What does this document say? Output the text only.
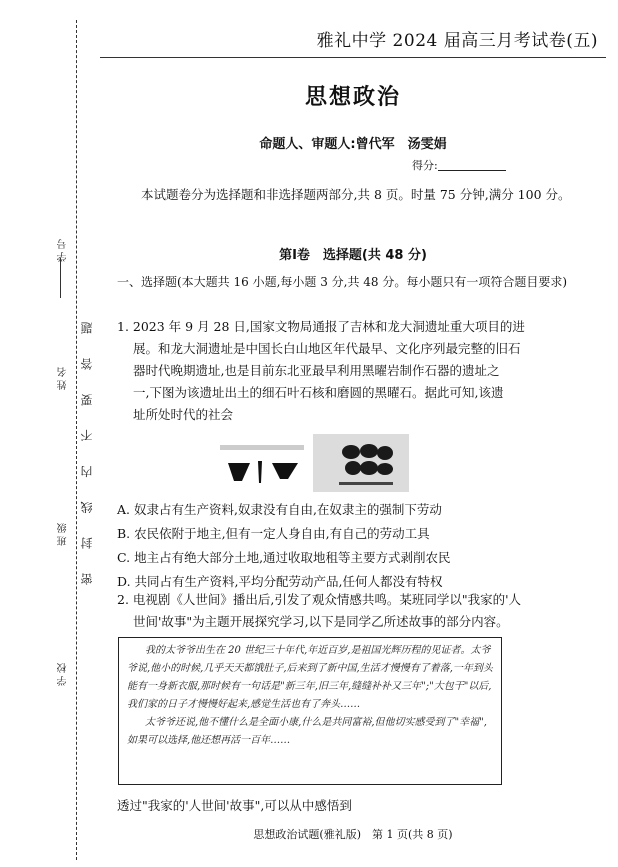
学号
姓名
班级
学校
密 封 线 内 不 要 答 题
雅礼中学 2024 届高三月考试卷(五)
思想政治
命题人、审题人:曾代军　汤雯娟
得分:
本试题卷分为选择题和非选择题两部分,共 8 页。时量 75 分钟,满分 100 分。
第Ⅰ卷　选择题(共 48 分)
一、选择题(本大题共 16 小题,每小题 3 分,共 48 分。每小题只有一项符合题目要求)
1. 2023 年 9 月 28 日,国家文物局通报了吉林和龙大洞遗址重大项目的进
展。和龙大洞遗址是中国长白山地区年代最早、文化序列最完整的旧石
器时代晚期遗址,也是目前东北亚最早利用黑曜岩制作石器的遗址之
一,下图为该遗址出土的细石叶石核和磨圆的黑曜石。据此可知,该遗
址所处时代的社会
A. 奴隶占有生产资料,奴隶没有自由,在奴隶主的强制下劳动
B. 农民依附于地主,但有一定人身自由,有自己的劳动工具
C. 地主占有绝大部分土地,通过收取地租等主要方式剥削农民
D. 共同占有生产资料,平均分配劳动产品,任何人都没有特权
2. 电视剧《人世间》播出后,引发了观众情感共鸣。某班同学以"我家的'人
世间'故事"为主题开展探究学习,以下是同学乙所述故事的部分内容。

我的太爷爷出生在 20 世纪三十年代,年近百岁,是祖国光辉历程的见证者。太爷爷说,他小的时候,几乎天天都饿肚子,后来到了新中国,生活才慢慢有了着落,一年到头能有一身新衣服,那时候有一句话是"新三年,旧三年,缝缝补补又三年";"大包干"以后,我们家的日子才慢慢好起来,感觉生活也有了奔头……

太爷爷还说,他不懂什么是全面小康,什么是共同富裕,但他切实感受到了"幸福",如果可以选择,他还想再活一百年……

透过"我家的'人世间'故事",可以从中感悟到
思想政治试题(雅礼版)　第 1 页(共 8 页)
